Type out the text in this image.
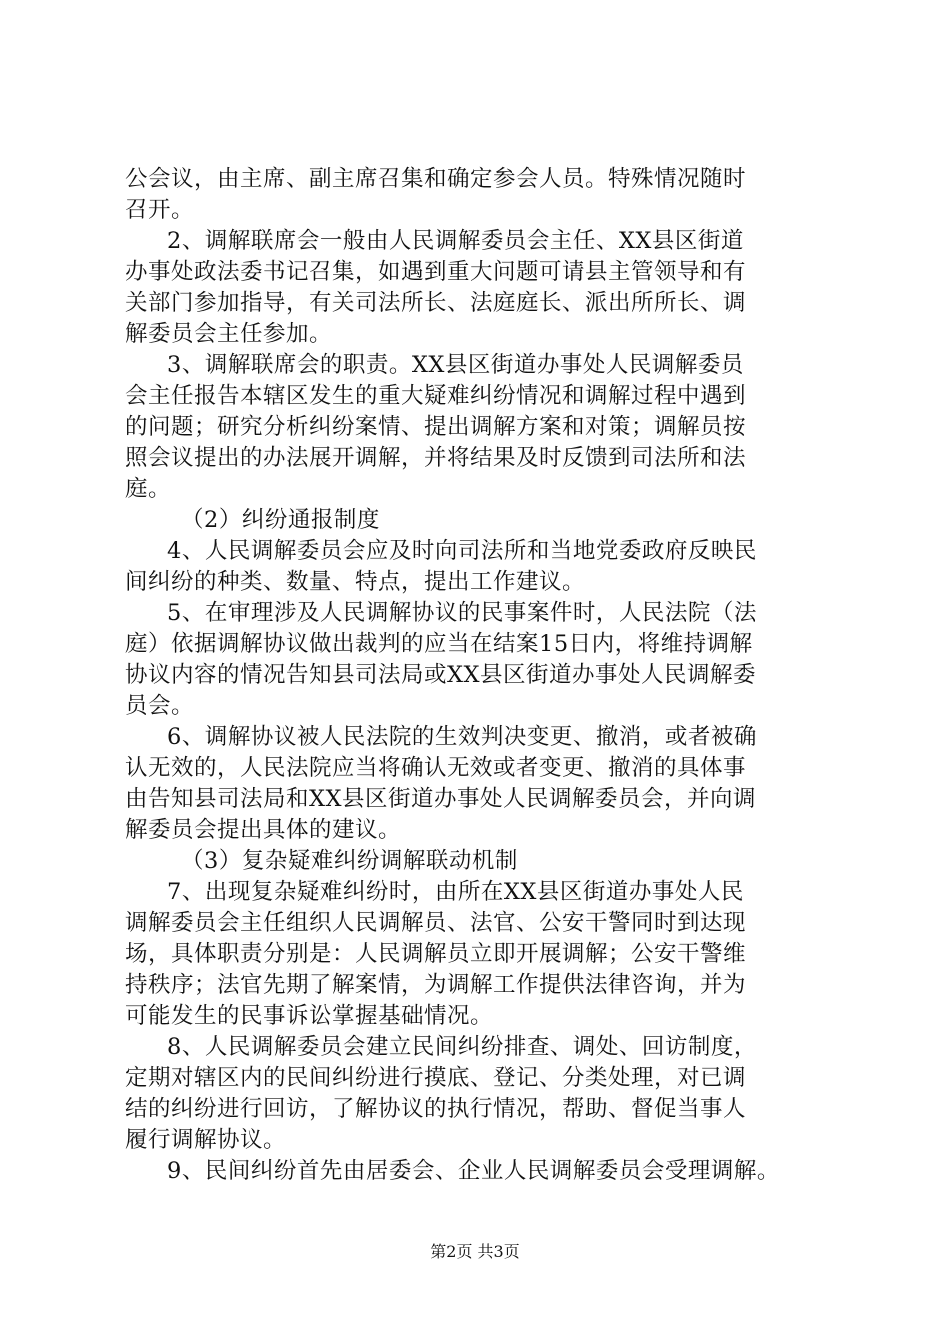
公会议，由主席、副主席召集和确定参会人员。特殊情况随时
召开。
2、调解联席会一般由人民调解委员会主任、XX县区街道
办事处政法委书记召集，如遇到重大问题可请县主管领导和有
关部门参加指导，有关司法所长、法庭庭长、派出所所长、调
解委员会主任参加。
3、调解联席会的职责。XX县区街道办事处人民调解委员
会主任报告本辖区发生的重大疑难纠纷情况和调解过程中遇到
的问题；研究分析纠纷案情、提出调解方案和对策；调解员按
照会议提出的办法展开调解，并将结果及时反馈到司法所和法
庭。
（2）纠纷通报制度
4、人民调解委员会应及时向司法所和当地党委政府反映民
间纠纷的种类、数量、特点，提出工作建议。
5、在审理涉及人民调解协议的民事案件时，人民法院（法
庭）依据调解协议做出裁判的应当在结案15日内，将维持调解
协议内容的情况告知县司法局或XX县区街道办事处人民调解委
员会。
6、调解协议被人民法院的生效判决变更、撤消，或者被确
认无效的，人民法院应当将确认无效或者变更、撤消的具体事
由告知县司法局和XX县区街道办事处人民调解委员会，并向调
解委员会提出具体的建议。
（3）复杂疑难纠纷调解联动机制
7、出现复杂疑难纠纷时，由所在XX县区街道办事处人民
调解委员会主任组织人民调解员、法官、公安干警同时到达现
场，具体职责分别是：人民调解员立即开展调解；公安干警维
持秩序；法官先期了解案情，为调解工作提供法律咨询，并为
可能发生的民事诉讼掌握基础情况。
8、人民调解委员会建立民间纠纷排查、调处、回访制度，
定期对辖区内的民间纠纷进行摸底、登记、分类处理，对已调
结的纠纷进行回访，了解协议的执行情况，帮助、督促当事人
履行调解协议。
9、民间纠纷首先由居委会、企业人民调解委员会受理调解。
第2页 共3页
